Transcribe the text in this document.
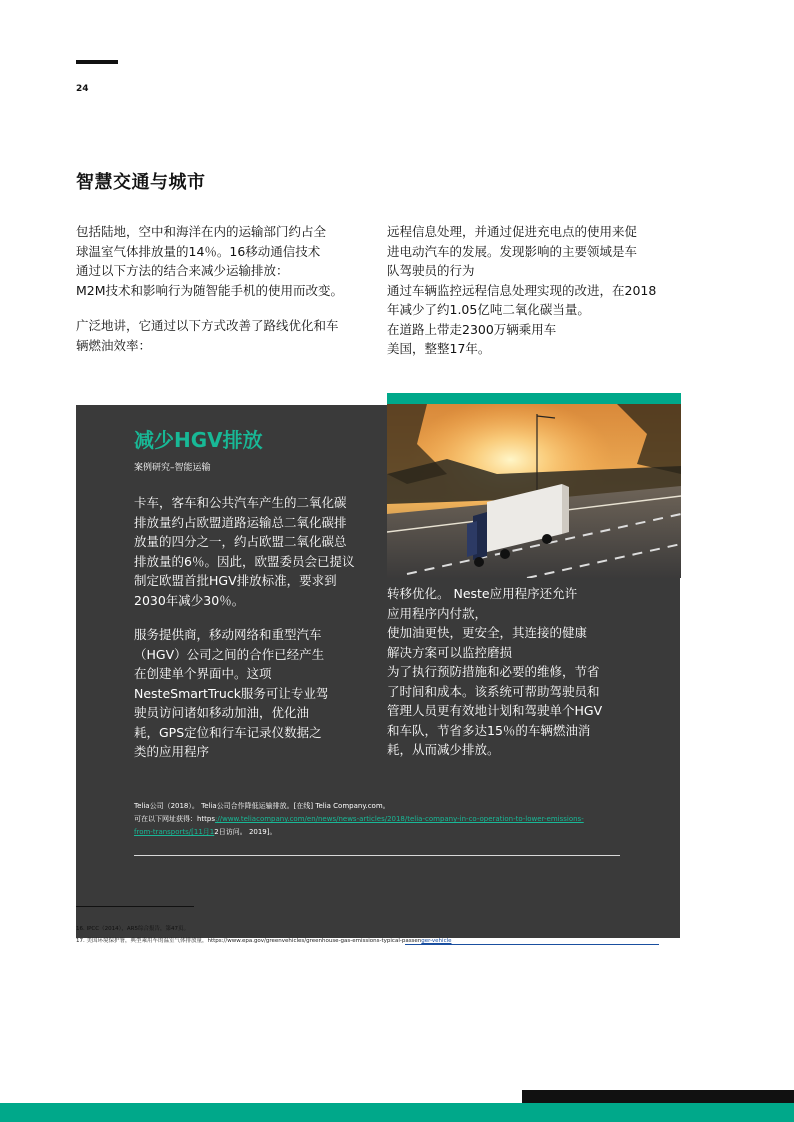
24
智慧交通与城市

包括陆地，空中和海洋在内的运输部门约占全
球温室气体排放量的14％。16移动通信技术
通过以下方法的结合来减少运输排放：
M2M技术和影响行为随智能手机的使用而改变。

广泛地讲，它通过以下方式改善了路线优化和车
辆燃油效率：

远程信息处理，并通过促进充电点的使用来促
进电动汽车的发展。发现影响的主要领域是车
队驾驶员的行为
通过车辆监控远程信息处理实现的改进，在2018
年减少了约1.05亿吨二氧化碳当量。
在道路上带走2300万辆乘用车
美国，整整17年。

减少HGV排放
案例研究–智能运输

卡车，客车和公共汽车产生的二氧化碳
排放量约占欧盟道路运输总二氧化碳排
放量的四分之一，约占欧盟二氧化碳总
排放量的6％。因此，欧盟委员会已提议
制定欧盟首批HGV排放标准，要求到
2030年减少30％。

服务提供商，移动网络和重型汽车
（HGV）公司之间的合作已经产生
在创建单个界面中。这项
NesteSmartTruck服务可让专业驾
驶员访问诸如移动加油，优化油
耗，GPS定位和行车记录仪数据之
类的应用程序

转移优化。 Neste应用程序还允许
应用程序内付款，
使加油更快，更安全，其连接的健康
解决方案可以监控磨损
为了执行预防措施和必要的维修，节省
了时间和成本。该系统可帮助驾驶员和
管理人员更有效地计划和驾驶单个HGV
和车队，节省多达15％的车辆燃油消
耗，从而减少排放。

Telia公司（2018）。 Telia公司合作降低运输排放。[在线] Telia Company.com。
可在以下网址获得：https://www.teliacompany.com/en/news/news-articles/2018/telia-company-in-co-operation-to-lower-emissions-
from-transports/[11月12日访问。 2019]。
16. IPCC（2014），AR5综合报告，第47页。
17. 美国环境保护署，典型乘用车的温室气体排放量，https://www.epa.gov/greenvehicles/greenhouse-gas-emissions-typical-passenger-vehicle
